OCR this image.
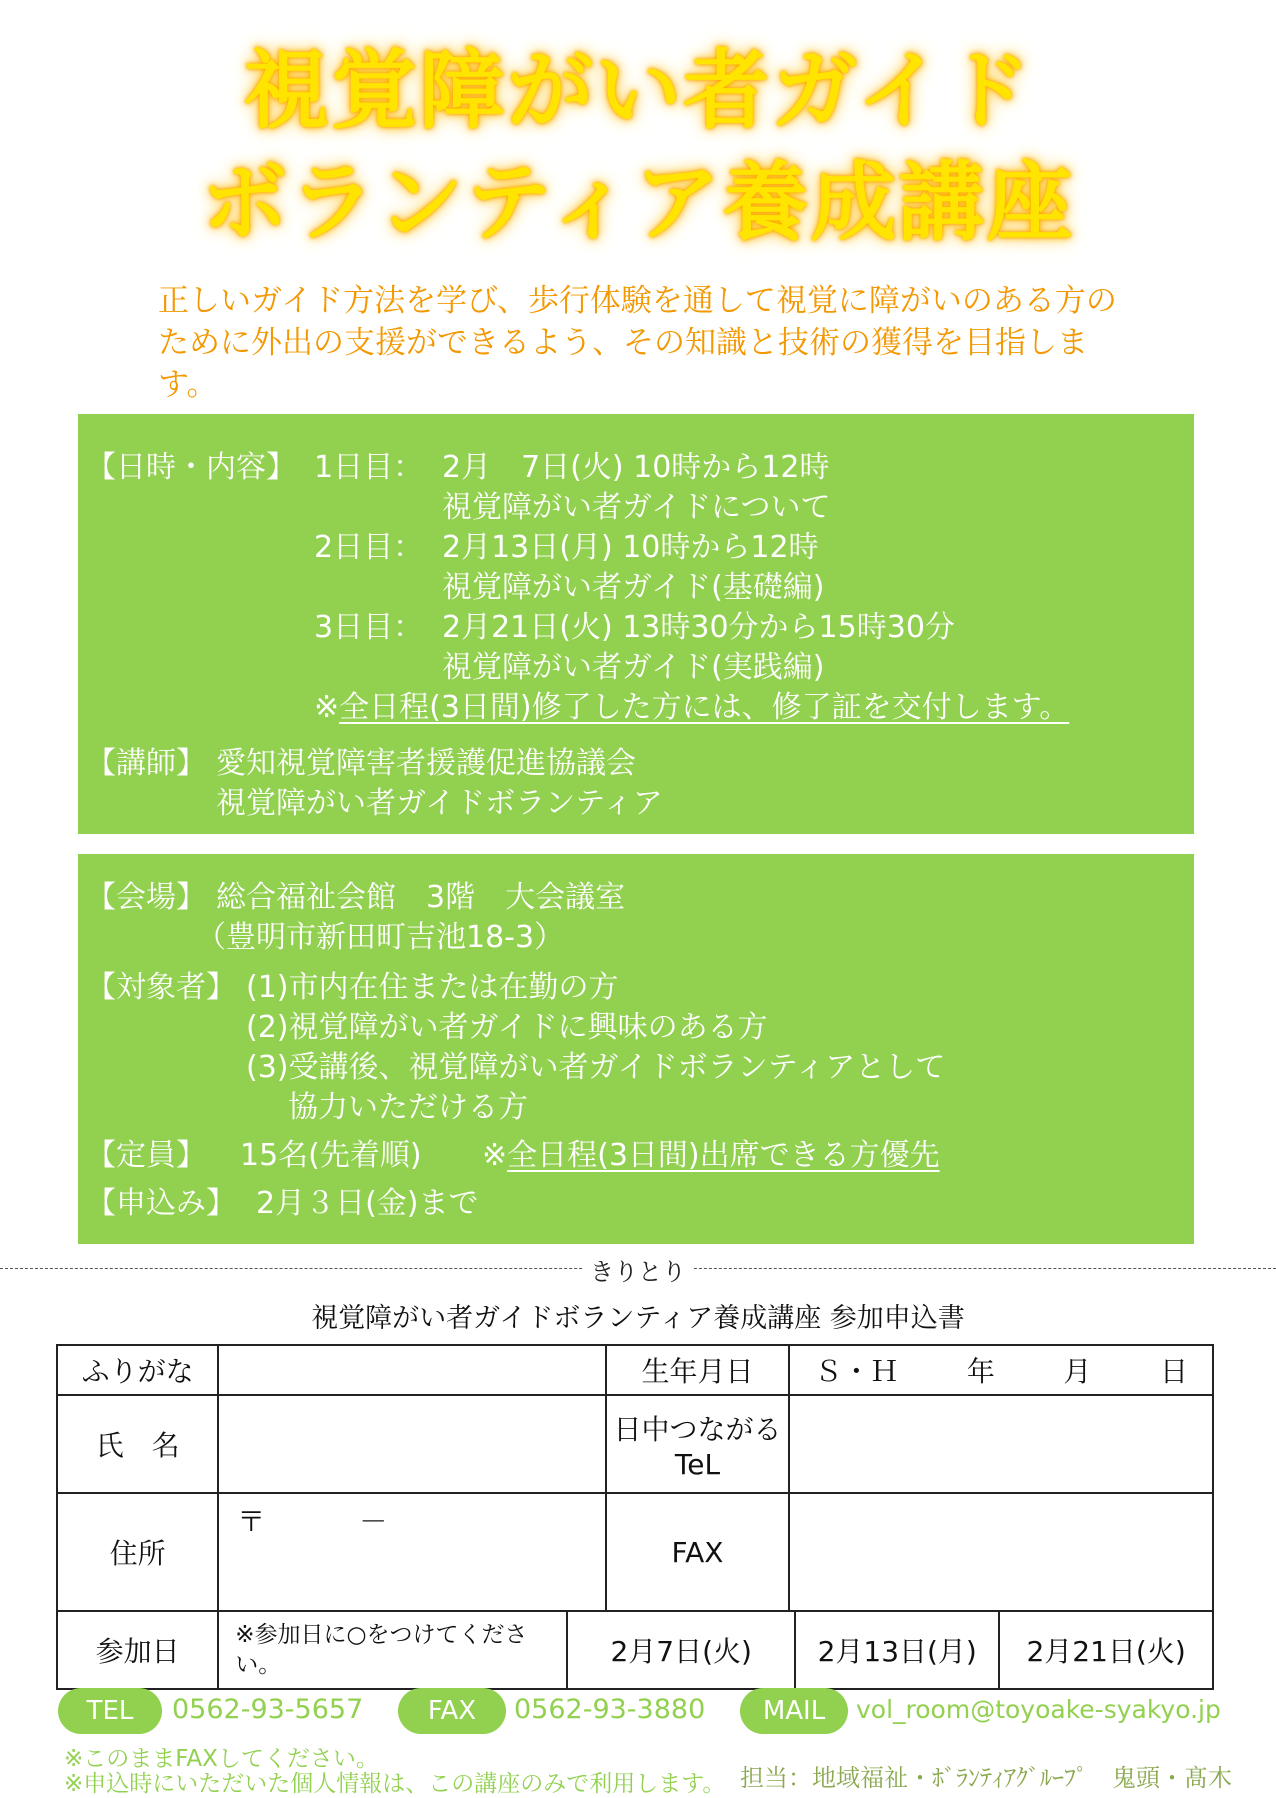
視覚障がい者ガイド
ボランティア養成講座
正しいガイド方法を学び、歩行体験を通して視覚に障がいのある方のために外出の支援ができるよう、その知識と技術の獲得を目指します。
【日時・内容】 1日目： 2月　7日(火) 10時から12時
視覚障がい者ガイドについて
2日目： 2月13日(月) 10時から12時
視覚障がい者ガイド(基礎編)
3日目： 2月21日(火) 13時30分から15時30分
視覚障がい者ガイド(実践編)
※全日程(3日間)修了した方には、修了証を交付します。
【講師】 愛知視覚障害者援護促進協議会
視覚障がい者ガイドボランティア
【会場】 総合福祉会館　3階　大会議室
（豊明市新田町吉池18-3）
【対象者】 (1)市内在住または在勤の方
(2)視覚障がい者ガイドに興味のある方
(3)受講後、視覚障がい者ガイドボランティアとして
協力いただける方
【定員】 15名(先着順) ※全日程(3日間)出席できる方優先
【申込み】 2月３日(金)まで
きりとり
視覚障がい者ガイドボランティア養成講座 参加申込書
ふりがな		生年月日	Ｓ・Ｈ 年 月 日

氏　名		日中つながる
TeL	

住所	〒 －	FAX	
参加日	※参加日に○をつけてください。 2月7日(火) 2月13日(月) 2月21日(火)		
TEL	0562-93-5657	FAX	0562-93-3880	MAIL	vol_room@toyoake-syakyo.jp
※このままFAXしてください。
※申込時にいただいた個人情報は、この講座のみで利用します。 担当：地域福祉・ﾎﾞﾗﾝﾃｨｱｸﾞﾙｰﾌﾟ　鬼頭・髙木
